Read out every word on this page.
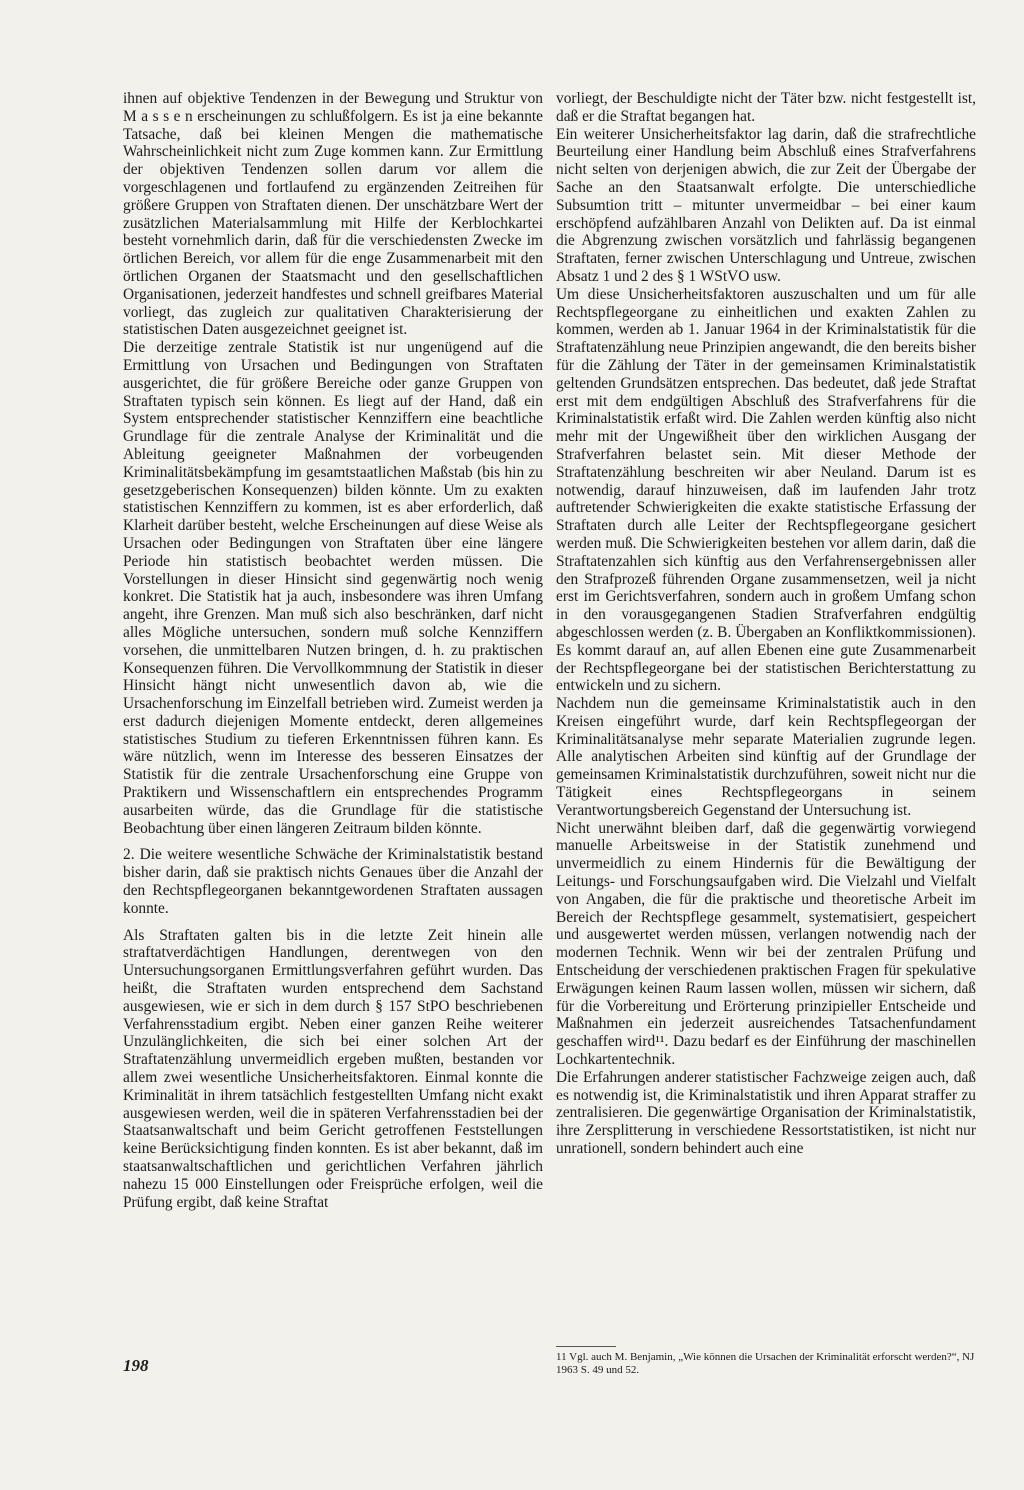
ihnen auf objektive Tendenzen in der Bewegung und Struktur von M a s s e n erscheinungen zu schlußfolgern. Es ist ja eine bekannte Tatsache, daß bei kleinen Mengen die mathematische Wahrscheinlichkeit nicht zum Zuge kommen kann. Zur Ermittlung der objektiven Tendenzen sollen darum vor allem die vorgeschlagenen und fortlaufend zu ergänzenden Zeitreihen für größere Gruppen von Straftaten dienen. Der unschätzbare Wert der zusätzlichen Materialsammlung mit Hilfe der Kerblochkartei besteht vornehmlich darin, daß für die verschiedensten Zwecke im örtlichen Bereich, vor allem für die enge Zusammenarbeit mit den örtlichen Organen der Staatsmacht und den gesellschaftlichen Organisationen, jederzeit handfestes und schnell greifbares Material vorliegt, das zugleich zur qualitativen Charakterisierung der statistischen Daten ausgezeichnet geeignet ist.

Die derzeitige zentrale Statistik ist nur ungenügend auf die Ermittlung von Ursachen und Bedingungen von Straftaten ausgerichtet, die für größere Bereiche oder ganze Gruppen von Straftaten typisch sein können. Es liegt auf der Hand, daß ein System entsprechender statistischer Kennziffern eine beachtliche Grundlage für die zentrale Analyse der Kriminalität und die Ableitung geeigneter Maßnahmen der vorbeugenden Kriminalitätsbekämpfung im gesamtstaatlichen Maßstab (bis hin zu gesetzgeberischen Konsequenzen) bilden könnte. Um zu exakten statistischen Kennziffern zu kommen, ist es aber erforderlich, daß Klarheit darüber besteht, welche Erscheinungen auf diese Weise als Ursachen oder Bedingungen von Straftaten über eine längere Periode hin statistisch beobachtet werden müssen. Die Vorstellungen in dieser Hinsicht sind gegenwärtig noch wenig konkret. Die Statistik hat ja auch, insbesondere was ihren Umfang angeht, ihre Grenzen. Man muß sich also beschränken, darf nicht alles Mögliche untersuchen, sondern muß solche Kennziffern vorsehen, die unmittelbaren Nutzen bringen, d. h. zu praktischen Konsequenzen führen. Die Vervollkommnung der Statistik in dieser Hinsicht hängt nicht unwesentlich davon ab, wie die Ursachenforschung im Einzelfall betrieben wird. Zumeist werden ja erst dadurch diejenigen Momente entdeckt, deren allgemeines statistisches Studium zu tieferen Erkenntnissen führen kann. Es wäre nützlich, wenn im Interesse des besseren Einsatzes der Statistik für die zentrale Ursachenforschung eine Gruppe von Praktikern und Wissenschaftlern ein entsprechendes Programm ausarbeiten würde, das die Grundlage für die statistische Beobachtung über einen längeren Zeitraum bilden könnte.

2. Die weitere wesentliche Schwäche der Kriminalstatistik bestand bisher darin, daß sie praktisch nichts Genaues über die Anzahl der den Rechtspflegeorganen bekanntgewordenen Straftaten aussagen konnte.

Als Straftaten galten bis in die letzte Zeit hinein alle straftatverdächtigen Handlungen, derentwegen von den Untersuchungsorganen Ermittlungsverfahren geführt wurden. Das heißt, die Straftaten wurden entsprechend dem Sachstand ausgewiesen, wie er sich in dem durch § 157 StPO beschriebenen Verfahrensstadium ergibt. Neben einer ganzen Reihe weiterer Unzulänglichkeiten, die sich bei einer solchen Art der Straftatenzählung unvermeidlich ergeben mußten, bestanden vor allem zwei wesentliche Unsicherheitsfaktoren. Einmal konnte die Kriminalität in ihrem tatsächlich festgestellten Umfang nicht exakt ausgewiesen werden, weil die in späteren Verfahrensstadien bei der Staatsanwaltschaft und beim Gericht getroffenen Feststellungen keine Berücksichtigung finden konnten. Es ist aber bekannt, daß im staatsanwaltschaftlichen und gerichtlichen Verfahren jährlich nahezu 15 000 Einstellungen oder Freisprüche erfolgen, weil die Prüfung ergibt, daß keine Straftat

vorliegt, der Beschuldigte nicht der Täter bzw. nicht festgestellt ist, daß er die Straftat begangen hat.

Ein weiterer Unsicherheitsfaktor lag darin, daß die strafrechtliche Beurteilung einer Handlung beim Abschluß eines Strafverfahrens nicht selten von derjenigen abwich, die zur Zeit der Übergabe der Sache an den Staatsanwalt erfolgte. Die unterschiedliche Subsumtion tritt – mitunter unvermeidbar – bei einer kaum erschöpfend aufzählbaren Anzahl von Delikten auf. Da ist einmal die Abgrenzung zwischen vorsätzlich und fahrlässig begangenen Straftaten, ferner zwischen Unterschlagung und Untreue, zwischen Absatz 1 und 2 des § 1 WStVO usw.

Um diese Unsicherheitsfaktoren auszuschalten und um für alle Rechtspflegeorgane zu einheitlichen und exakten Zahlen zu kommen, werden ab 1. Januar 1964 in der Kriminalstatistik für die Straftatenzählung neue Prinzipien angewandt, die den bereits bisher für die Zählung der Täter in der gemeinsamen Kriminalstatistik geltenden Grundsätzen entsprechen. Das bedeutet, daß jede Straftat erst mit dem endgültigen Abschluß des Strafverfahrens für die Kriminalstatistik erfaßt wird. Die Zahlen werden künftig also nicht mehr mit der Ungewißheit über den wirklichen Ausgang der Strafverfahren belastet sein. Mit dieser Methode der Straftatenzählung beschreiten wir aber Neuland. Darum ist es notwendig, darauf hinzuweisen, daß im laufenden Jahr trotz auftretender Schwierigkeiten die exakte statistische Erfassung der Straftaten durch alle Leiter der Rechtspflegeorgane gesichert werden muß. Die Schwierigkeiten bestehen vor allem darin, daß die Straftatenzahlen sich künftig aus den Verfahrensergebnissen aller den Strafprozeß führenden Organe zusammensetzen, weil ja nicht erst im Gerichtsverfahren, sondern auch in großem Umfang schon in den vorausgegangenen Stadien Strafverfahren endgültig abgeschlossen werden (z. B. Übergaben an Konfliktkommissionen). Es kommt darauf an, auf allen Ebenen eine gute Zusammenarbeit der Rechtspflegeorgane bei der statistischen Berichterstattung zu entwickeln und zu sichern.

Nachdem nun die gemeinsame Kriminalstatistik auch in den Kreisen eingeführt wurde, darf kein Rechtspflegeorgan der Kriminalitätsanalyse mehr separate Materialien zugrunde legen. Alle analytischen Arbeiten sind künftig auf der Grundlage der gemeinsamen Kriminalstatistik durchzuführen, soweit nicht nur die Tätigkeit eines Rechtspflegeorgans in seinem Verantwortungsbereich Gegenstand der Untersuchung ist.

Nicht unerwähnt bleiben darf, daß die gegenwärtig vorwiegend manuelle Arbeitsweise in der Statistik zunehmend und unvermeidlich zu einem Hindernis für die Bewältigung der Leitungs- und Forschungsaufgaben wird. Die Vielzahl und Vielfalt von Angaben, die für die praktische und theoretische Arbeit im Bereich der Rechtspflege gesammelt, systematisiert, gespeichert und ausgewertet werden müssen, verlangen notwendig nach der modernen Technik. Wenn wir bei der zentralen Prüfung und Entscheidung der verschiedenen praktischen Fragen für spekulative Erwägungen keinen Raum lassen wollen, müssen wir sichern, daß für die Vorbereitung und Erörterung prinzipieller Entscheide und Maßnahmen ein jederzeit ausreichendes Tatsachenfundament geschaffen wird¹¹. Dazu bedarf es der Einführung der maschinellen Lochkartentechnik.

Die Erfahrungen anderer statistischer Fachzweige zeigen auch, daß es notwendig ist, die Kriminalstatistik und ihren Apparat straffer zu zentralisieren. Die gegenwärtige Organisation der Kriminalstatistik, ihre Zersplitterung in verschiedene Ressortstatistiken, ist nicht nur unrationell, sondern behindert auch eine

11 Vgl. auch M. Benjamin, „Wie können die Ursachen der Kriminalität erforscht werden?“, NJ 1963 S. 49 und 52.
198
